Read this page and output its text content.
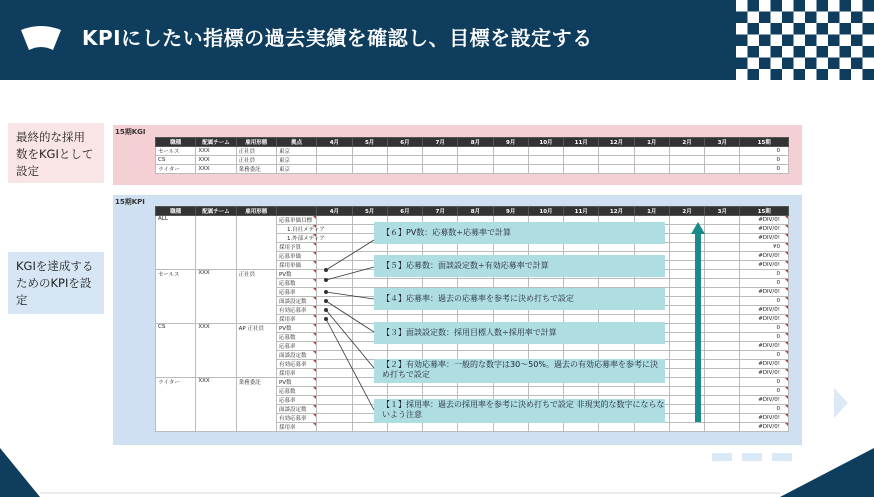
KPIにしたい指標の過去実績を確認し、目標を設定する
最終的な採用数をKGIとして設定
KGIを達成するためのKPIを設定
15期KGI
職種	配属チーム	雇用形態	拠点	4月	5月	6月	7月	8月	9月	10月	11月	12月	1月	2月	3月	15期
セールス	XXX	正社員	東京													0
CS	XXX	正社員	東京													0
ライター	XXX	業務委託	東京													0
15期KPI
職種	配属チーム	雇用形態		4月	5月	6月	7月	8月	9月	10月	11月	12月	1月	2月	3月	15期
ALL			応募単価目標													#DIV/0!

			1.自社メディア													#DIV/0!

			1.外部メディア													#DIV/0!

			採用予算													¥0

			応募単価													#DIV/0!

			採用単価													#DIV/0!

セールス	XXX	正社員	PV数													0

			応募数													0

			応募率													#DIV/0!

			面談設定数													0

			有効応募率													#DIV/0!

			採用率													#DIV/0!

CS	XXX	AP 正社員	PV数													0

			応募数													0

			応募率													#DIV/0!

			面談設定数													0

			有効応募率													#DIV/0!

			採用率													#DIV/0!

ライター	XXX	業務委託	PV数													0

			応募数													0

			応募率													#DIV/0!

			面談設定数													0

			有効応募率													#DIV/0!

			採用率													#DIV/0!
【６】PV数：応募数÷応募率で計算
【５】応募数：面談設定数÷有効応募率で計算
【４】応募率：過去の応募率を参考に決め打ちで設定
【３】面談設定数：採用目標人数÷採用率で計算
【２】有効応募率：一般的な数字は30〜50%。過去の有効応募率を参考に決め打ちで設定
【１】採用率：過去の採用率を参考に決め打ちで設定 非現実的な数字にならないよう注意
